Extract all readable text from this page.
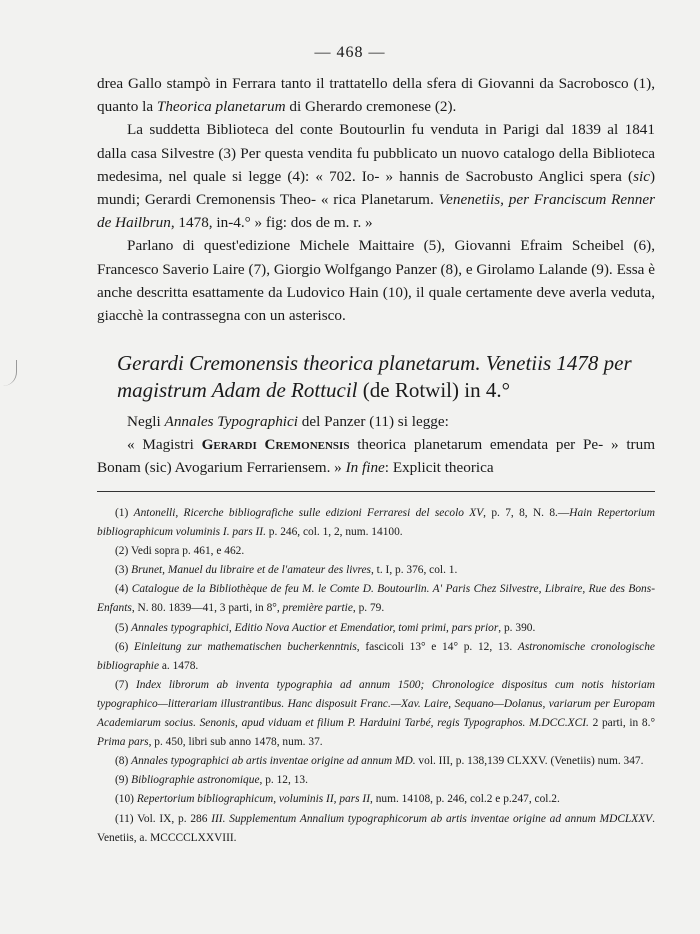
— 468 —

drea Gallo stampò in Ferrara tanto il trattatello della sfera di Giovanni da Sacrobosco (1), quanto la Theorica planetarum di Gherardo cremonese (2).

La suddetta Biblioteca del conte Boutourlin fu venduta in Parigi dal 1839 al 1841 dalla casa Silvestre (3) Per questa vendita fu pubblicato un nuovo catalogo della Biblioteca medesima, nel quale si legge (4): « 702. Io- » hannis de Sacrobusto Anglici spera (sic) mundi; Gerardi Cremonensis Theo- « rica Planetarum. Venenetiis, per Franciscum Renner de Hailbrun, 1478, in-4.° » fig: dos de m. r. »

Parlano di quest'edizione Michele Maittaire (5), Giovanni Efraim Scheibel (6), Francesco Saverio Laire (7), Giorgio Wolfgango Panzer (8), e Girolamo Lalande (9). Essa è anche descritta esattamente da Ludovico Hain (10), il quale certamente deve averla veduta, giacchè la contrassegna con un asterisco.

Gerardi Cremonensis theorica planetarum. Venetiis 1478 per magistrum Adam de Rottucil (de Rotwil) in 4.°

Negli Annales Typographici del Panzer (11) si legge:

« Magistri Gerardi Cremonensis theorica planetarum emendata per Pe- » trum Bonam (sic) Avogarium Ferrariensem. » In fine: Explicit theorica

(1) Antonelli, Ricerche bibliografiche sulle edizioni Ferraresi del secolo XV, p. 7, 8, N. 8.—Hain Repertorium bibliographicum voluminis I. pars II. p. 246, col. 1, 2, num. 14100.

(2) Vedi sopra p. 461, e 462.

(3) Brunet, Manuel du libraire et de l'amateur des livres, t. I, p. 376, col. 1.

(4) Catalogue de la Bibliothèque de feu M. le Comte D. Boutourlin. A' Paris Chez Silvestre, Libraire, Rue des Bons-Enfants, N. 80. 1839—41, 3 parti, in 8°, première partie, p. 79.

(5) Annales typographici, Editio Nova Auctior et Emendatior, tomi primi, pars prior, p. 390.

(6) Einleitung zur mathematischen bucherkenntnis, fascicoli 13° e 14° p. 12, 13. Astronomische cronologische bibliographie a. 1478.

(7) Index librorum ab inventa typographia ad annum 1500; Chronologice dispositus cum notis historiam typographico—litterariam illustrantibus. Hanc disposuit Franc.—Xav. Laire, Sequano—Dolanus, variarum per Europam Academiarum socius. Senonis, apud viduam et filium P. Harduini Tarbé, regis Typographos. M.DCC.XCI. 2 parti, in 8.° Prima pars, p. 450, libri sub anno 1478, num. 37.

(8) Annales typographici ab artis inventae origine ad annum MD. vol. III, p. 138,139 CLXXV. (Venetiis) num. 347.

(9) Bibliographie astronomique, p. 12, 13.

(10) Repertorium bibliographicum, voluminis II, pars II, num. 14108, p. 246, col.2 e p.247, col.2.

(11) Vol. IX, p. 286 III. Supplementum Annalium typographicorum ab artis inventae origine ad annum MDCLXXV. Venetiis, a. MCCCCLXXVIII.
